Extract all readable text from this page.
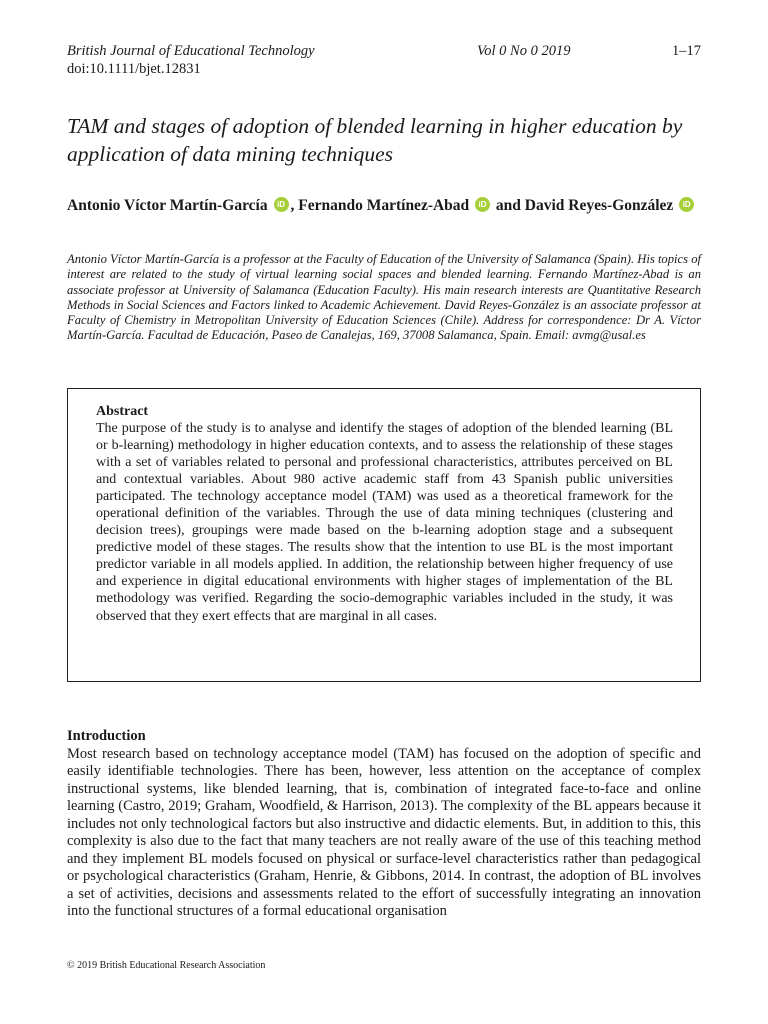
British Journal of Educational Technology	Vol 0 No 0 2019	1–17
doi:10.1111/bjet.12831
TAM and stages of adoption of blended learning in higher education by application of data mining techniques
Antonio Víctor Martín-García iD , Fernando Martínez-Abad iD and David Reyes-González iD
Antonio Víctor Martín-García is a professor at the Faculty of Education of the University of Salamanca (Spain). His topics of interest are related to the study of virtual learning social spaces and blended learning. Fernando Martínez-Abad is an associate professor at University of Salamanca (Education Faculty). His main research interests are Quantitative Research Methods in Social Sciences and Factors linked to Academic Achievement. David Reyes-González is an associate professor at Faculty of Chemistry in Metropolitan University of Education Sciences (Chile). Address for correspondence: Dr A. Víctor Martín-García. Facultad de Educación, Paseo de Canalejas, 169, 37008 Salamanca, Spain. Email: avmg@usal.es
Abstract
The purpose of the study is to analyse and identify the stages of adoption of the blended learning (BL or b-learning) methodology in higher education contexts, and to assess the relationship of these stages with a set of variables related to personal and professional characteristics, attributes perceived on BL and contextual variables. About 980 active academic staff from 43 Spanish public universities participated. The technology acceptance model (TAM) was used as a theoretical framework for the operational definition of the variables. Through the use of data mining techniques (clustering and decision trees), groupings were made based on the b-learning adoption stage and a subsequent predictive model of these stages. The results show that the intention to use BL is the most important predictor variable in all models applied. In addition, the relationship between higher frequency of use and experience in digital educational environments with higher stages of implementation of the BL methodology was verified. Regarding the socio-demographic variables included in the study, it was observed that they exert effects that are marginal in all cases.
Introduction
Most research based on technology acceptance model (TAM) has focused on the adoption of specific and easily identifiable technologies. There has been, however, less attention on the acceptance of complex instructional systems, like blended learning, that is, combination of integrated face-to-face and online learning (Castro, 2019; Graham, Woodfield, & Harrison, 2013). The complexity of the BL appears because it includes not only technological factors but also instructive and didactic elements. But, in addition to this, this complexity is also due to the fact that many teachers are not really aware of the use of this teaching method and they implement BL models focused on physical or surface-level characteristics rather than pedagogical or psychological characteristics (Graham, Henrie, & Gibbons, 2014. In contrast, the adoption of BL involves a set of activities, decisions and assessments related to the effort of successfully integrating an innovation into the functional structures of a formal educational organisation
© 2019 British Educational Research Association
